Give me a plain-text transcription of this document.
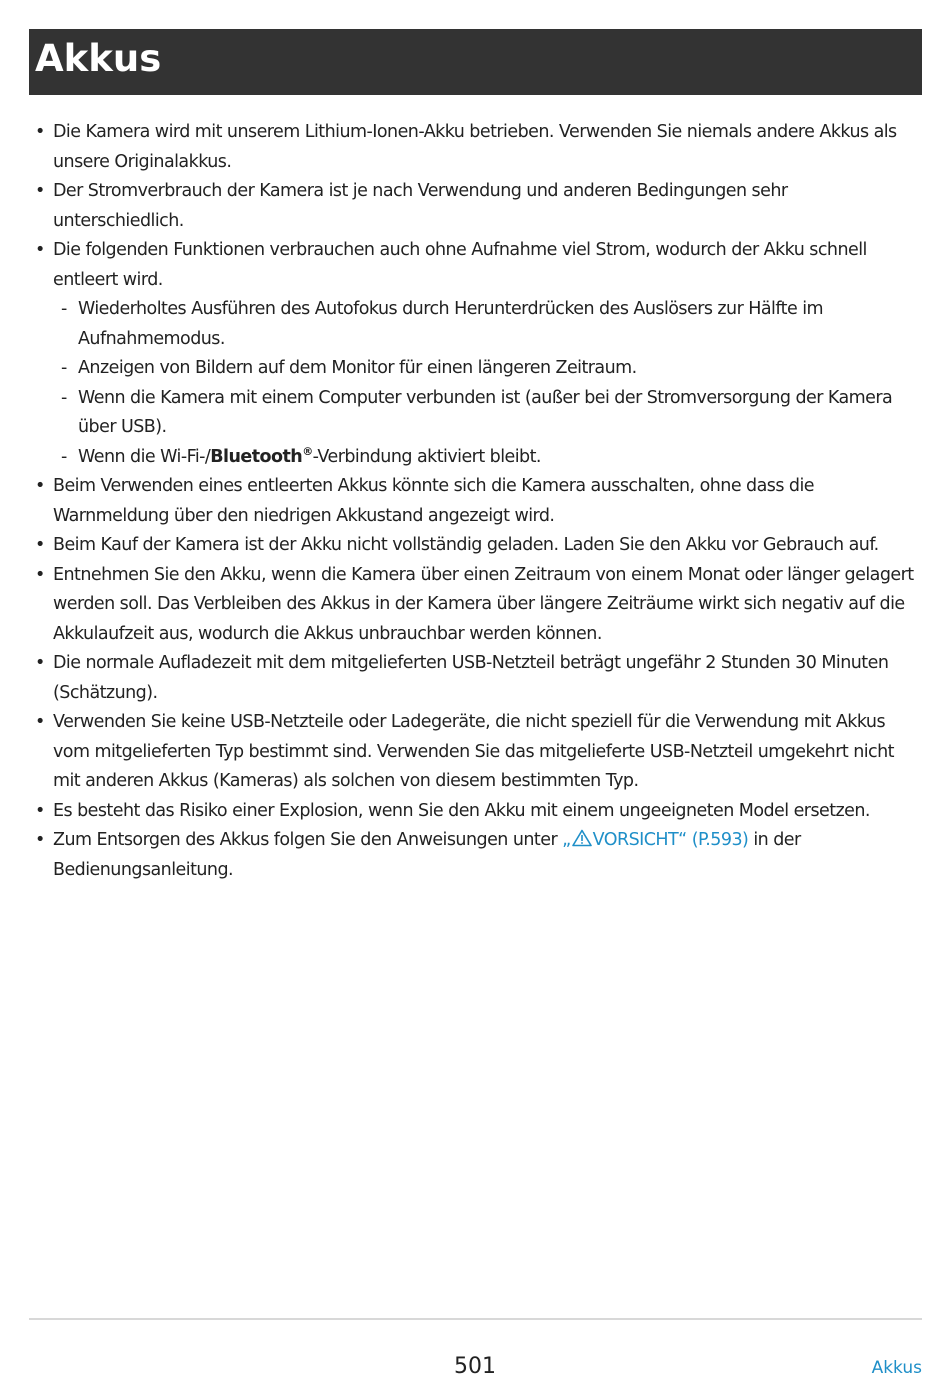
Akkus
• Die Kamera wird mit unserem Lithium-Ionen-Akku betrieben. Verwenden Sie niemals andere Akkus als unsere Originalakkus.
• Der Stromverbrauch der Kamera ist je nach Verwendung und anderen Bedingungen sehr unterschiedlich.
• Die folgenden Funktionen verbrauchen auch ohne Aufnahme viel Strom, wodurch der Akku schnell entleert wird.
- Wiederholtes Ausführen des Autofokus durch Herunterdrücken des Auslösers zur Hälfte im Aufnahmemodus.
- Anzeigen von Bildern auf dem Monitor für einen längeren Zeitraum.
- Wenn die Kamera mit einem Computer verbunden ist (außer bei der Stromversorgung der Kamera über USB).
- Wenn die Wi-Fi-/Bluetooth®-Verbindung aktiviert bleibt.
• Beim Verwenden eines entleerten Akkus könnte sich die Kamera ausschalten, ohne dass die Warnmeldung über den niedrigen Akkustand angezeigt wird.
• Beim Kauf der Kamera ist der Akku nicht vollständig geladen. Laden Sie den Akku vor Gebrauch auf.
• Entnehmen Sie den Akku, wenn die Kamera über einen Zeitraum von einem Monat oder länger gelagert werden soll. Das Verbleiben des Akkus in der Kamera über längere Zeiträume wirkt sich negativ auf die Akkulaufzeit aus, wodurch die Akkus unbrauchbar werden können.
• Die normale Aufladezeit mit dem mitgelieferten USB-Netzteil beträgt ungefähr 2 Stunden 30 Minuten (Schätzung).
• Verwenden Sie keine USB-Netzteile oder Ladegeräte, die nicht speziell für die Verwendung mit Akkus vom mitgelieferten Typ bestimmt sind. Verwenden Sie das mitgelieferte USB-Netzteil umgekehrt nicht mit anderen Akkus (Kameras) als solchen von diesem bestimmten Typ.
• Es besteht das Risiko einer Explosion, wenn Sie den Akku mit einem ungeeigneten Model ersetzen.
• Zum Entsorgen des Akkus folgen Sie den Anweisungen unter „ VORSICHT“ (P.593) in der Bedienungsanleitung.
501	Akkus
